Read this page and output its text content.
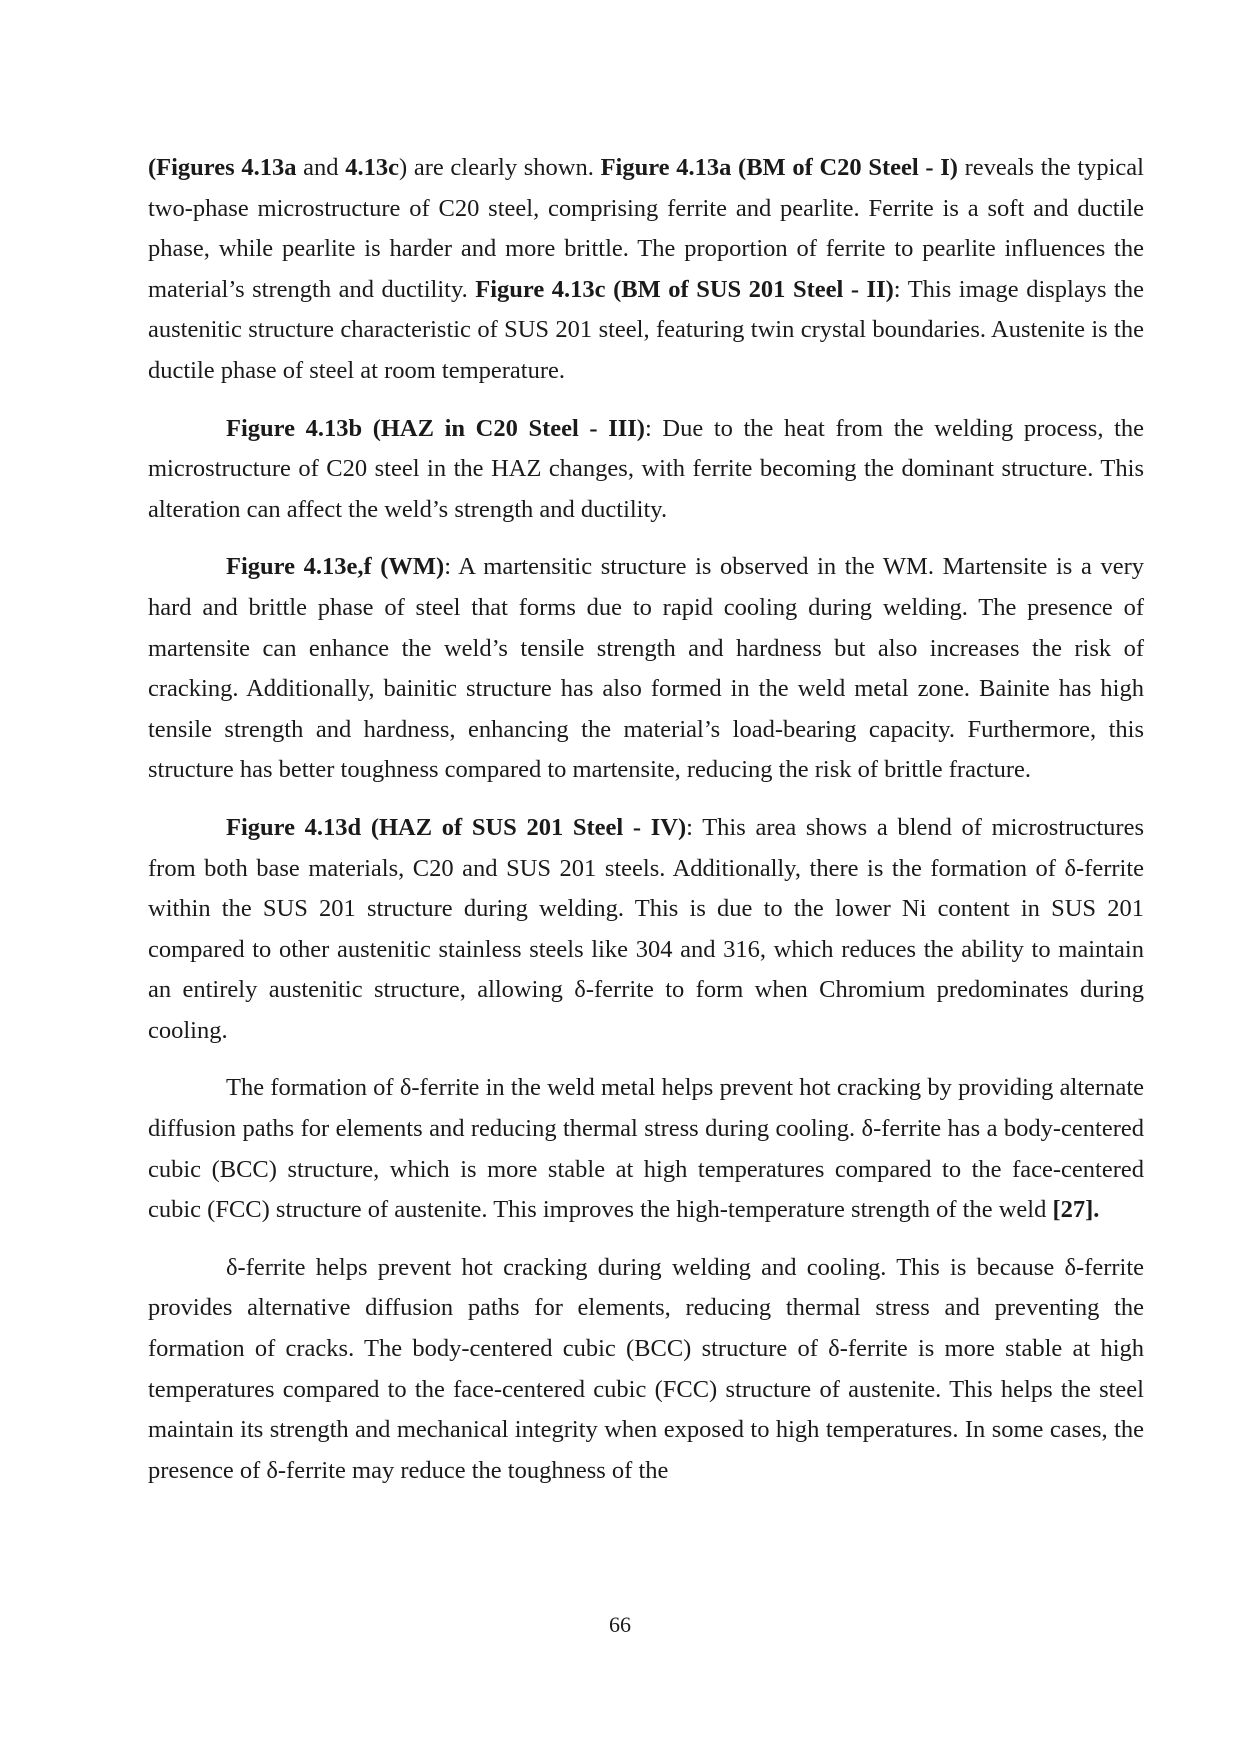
(Figures 4.13a and 4.13c) are clearly shown. Figure 4.13a (BM of C20 Steel - I) reveals the typical two-phase microstructure of C20 steel, comprising ferrite and pearlite. Ferrite is a soft and ductile phase, while pearlite is harder and more brittle. The proportion of ferrite to pearlite influences the material’s strength and ductility. Figure 4.13c (BM of SUS 201 Steel - II): This image displays the austenitic structure characteristic of SUS 201 steel, featuring twin crystal boundaries. Austenite is the ductile phase of steel at room temperature.

Figure 4.13b (HAZ in C20 Steel - III): Due to the heat from the welding process, the microstructure of C20 steel in the HAZ changes, with ferrite becoming the dominant structure. This alteration can affect the weld’s strength and ductility.

Figure 4.13e,f (WM): A martensitic structure is observed in the WM. Martensite is a very hard and brittle phase of steel that forms due to rapid cooling during welding. The presence of martensite can enhance the weld’s tensile strength and hardness but also increases the risk of cracking. Additionally, bainitic structure has also formed in the weld metal zone. Bainite has high tensile strength and hardness, enhancing the material’s load-bearing capacity. Furthermore, this structure has better toughness compared to martensite, reducing the risk of brittle fracture.

Figure 4.13d (HAZ of SUS 201 Steel - IV): This area shows a blend of microstructures from both base materials, C20 and SUS 201 steels. Additionally, there is the formation of δ-ferrite within the SUS 201 structure during welding. This is due to the lower Ni content in SUS 201 compared to other austenitic stainless steels like 304 and 316, which reduces the ability to maintain an entirely austenitic structure, allowing δ-ferrite to form when Chromium predominates during cooling.

The formation of δ-ferrite in the weld metal helps prevent hot cracking by providing alternate diffusion paths for elements and reducing thermal stress during cooling. δ-ferrite has a body-centered cubic (BCC) structure, which is more stable at high temperatures compared to the face-centered cubic (FCC) structure of austenite. This improves the high-temperature strength of the weld [27].

δ-ferrite helps prevent hot cracking during welding and cooling. This is because δ-ferrite provides alternative diffusion paths for elements, reducing thermal stress and preventing the formation of cracks. The body-centered cubic (BCC) structure of δ-ferrite is more stable at high temperatures compared to the face-centered cubic (FCC) structure of austenite. This helps the steel maintain its strength and mechanical integrity when exposed to high temperatures. In some cases, the presence of δ-ferrite may reduce the toughness of the

66
